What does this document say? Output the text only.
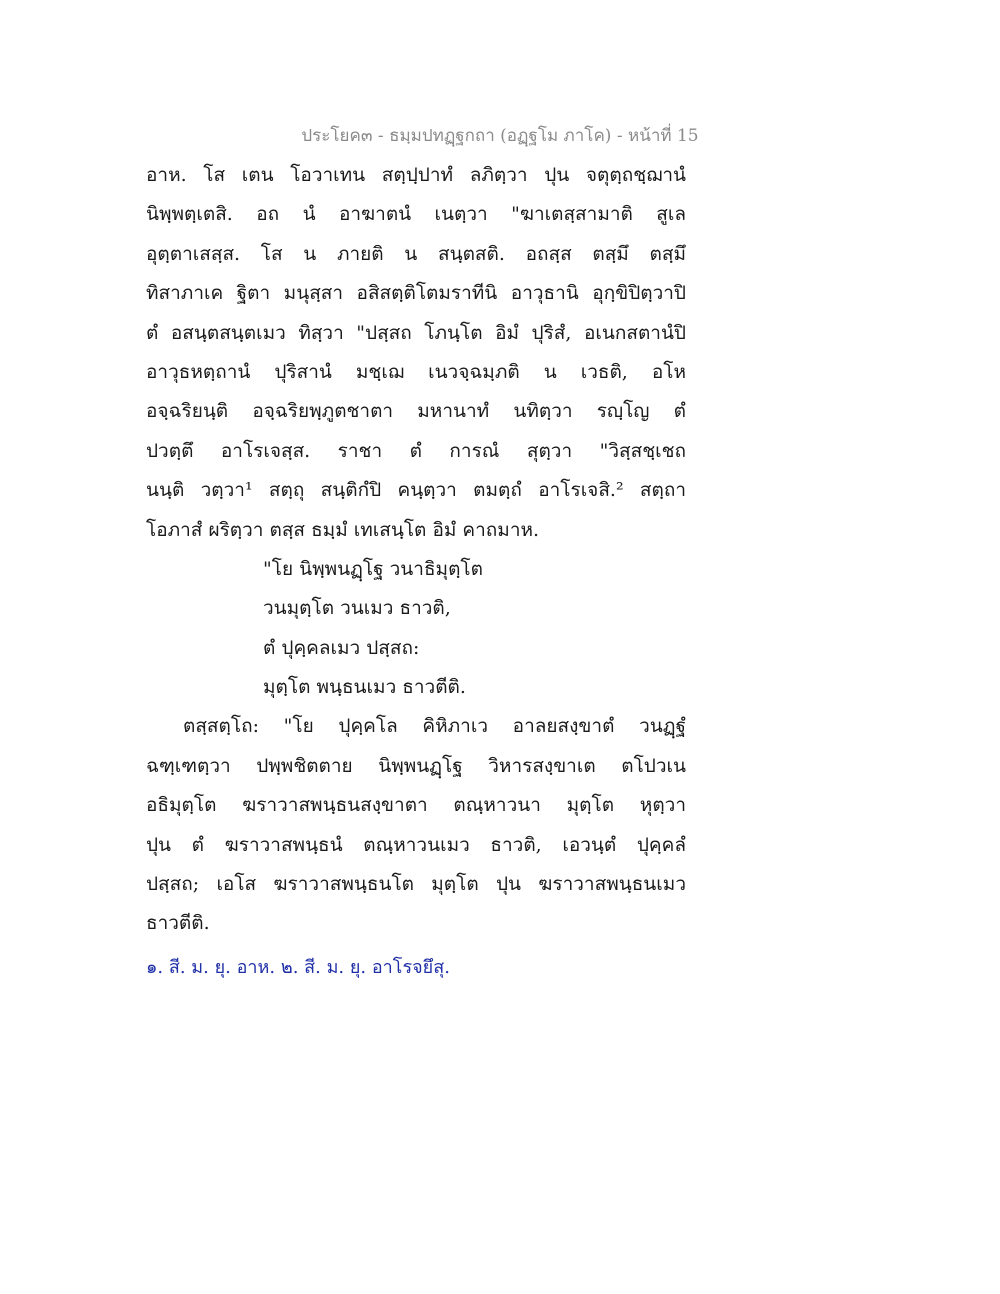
ประโยค๓ - ธมฺมปทฏฺฐกถา (อฏฺฐโม ภาโค) - หน้าที่ 15
อาห. โส เตน โอวาเทน สตฺปฺปาทํ ลภิตฺวา ปุน จตุตฺถชฺฌานํ
นิพฺพตฺเตสิ. อถ นํ อาฆาตนํ เนตฺวา "ฆาเตสฺสามาติ สูเล
อุตฺตาเสสฺส. โส น ภายติ น สนฺตสติ. อถสฺส ตสฺมึ ตสฺมึ
ทิสาภาเค ฐิตา มนุสฺสา อสิสตฺติโตมราทีนิ อาวุธานิ อุกฺขิปิตฺวาปิ
ตํ อสนฺตสนฺตเมว ทิสฺวา "ปสฺสถ โภนฺโต อิมํ ปุริสํ, อเนกสตานํปิ
อาวุธหตฺถานํ ปุริสานํ มชฺเฌ เนวจฺฉมฺภติ น เวธติ, อโห
อจฺฉริยนฺติ อจฺฉริยพฺภูตชาตา มหานาทํ นทิตฺวา รญฺโญ ตํ
ปวตฺตึ อาโรเจสฺส. ราชา ตํ การณํ สุตฺวา "วิสฺสชฺเชถ
นนฺติ วตฺวา¹ สตฺถุ สนฺติกํปิ คนฺตฺวา ตมตฺถํ อาโรเจสิ.² สตฺถา
โอภาสํ ผริตฺวา ตสฺส ธมฺมํ เทเสนฺโต อิมํ คาถมาห.
"โย นิพฺพนฏฺโฐ วนาธิมุตฺโต
วนมุตฺโต วนเมว ธาวติ,
ตํ ปุคฺคลเมว ปสฺสถ:
มุตฺโต พนฺธนเมว ธาวตีติ.
ตสฺสตฺโถ: "โย ปุคฺคโล คิหิภาเว อาลยสงฺขาตํ วนฏฺฐํ
ฉฑฺเฑตฺวา ปพฺพชิตตาย นิพฺพนฏฺโฐ วิหารสงฺขาเต ตโปวเน
อธิมุตฺโต ฆราวาสพนฺธนสงฺขาตา ตณฺหาวนา มุตฺโต หุตฺวา
ปุน ตํ ฆราวาสพนฺธนํ ตณฺหาวนเมว ธาวติ, เอวนฺตํ ปุคฺคลํ
ปสฺสถ; เอโส ฆราวาสพนฺธนโต มุตฺโต ปุน ฆราวาสพนฺธนเมว
ธาวตีติ.
๑. สี. ม. ยุ. อาห. ๒. สี. ม. ยุ. อาโรจยึสุ.
